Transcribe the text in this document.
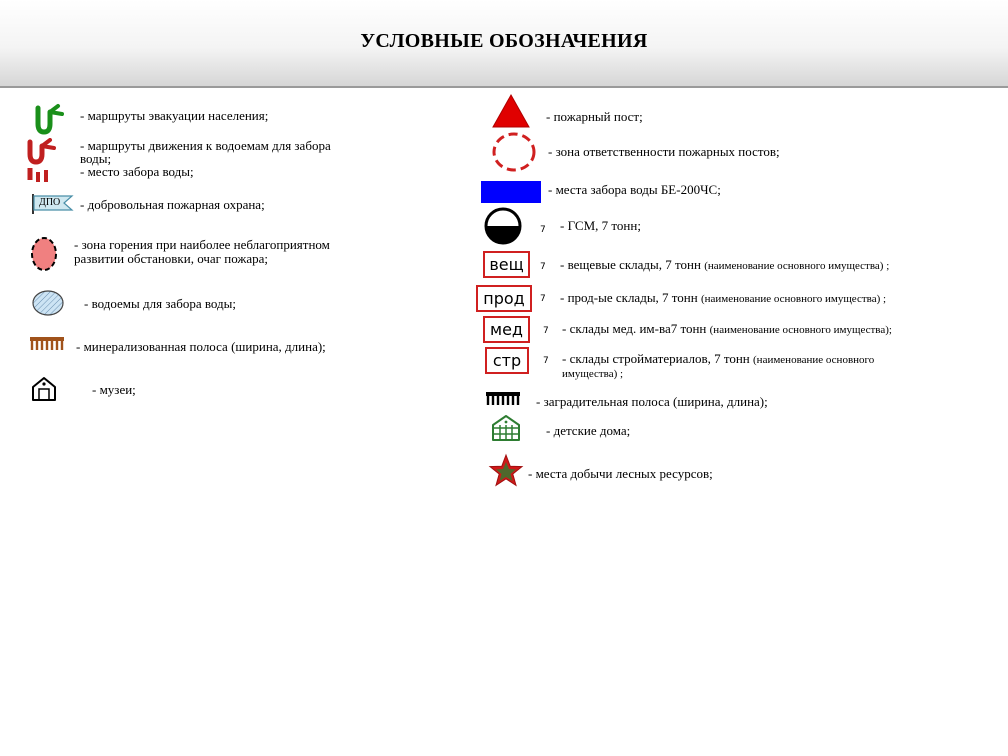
УСЛОВНЫЕ ОБОЗНАЧЕНИЯ
- маршруты эвакуации населения;
- маршруты движения к водоемам для забора
воды;
- место забора воды;
ДПО - добровольная пожарная охрана;
- зона горения при наиболее неблагоприятном
развитии обстановки, очаг пожара;
- водоемы для забора воды;
- минерализованная полоса (ширина, длина);
- музеи;
- пожарный пост;
- зона ответственности пожарных постов;
- места забора воды БЕ-200ЧС;
7 - ГСМ, 7 тонн;
вещ	7 - вещевые склады, 7 тонн (наименование основного имущества) ;
прод	7 - прод-ые склады, 7 тонн (наименование основного имущества) ;
мед	7 - склады мед. им-ва7 тонн (наименование основного имущества);
стр	7 - склады стройматериалов, 7 тонн (наименование основного
имущества) ;
- заградительная полоса (ширина, длина);
- детские дома;
- места добычи лесных ресурсов;
